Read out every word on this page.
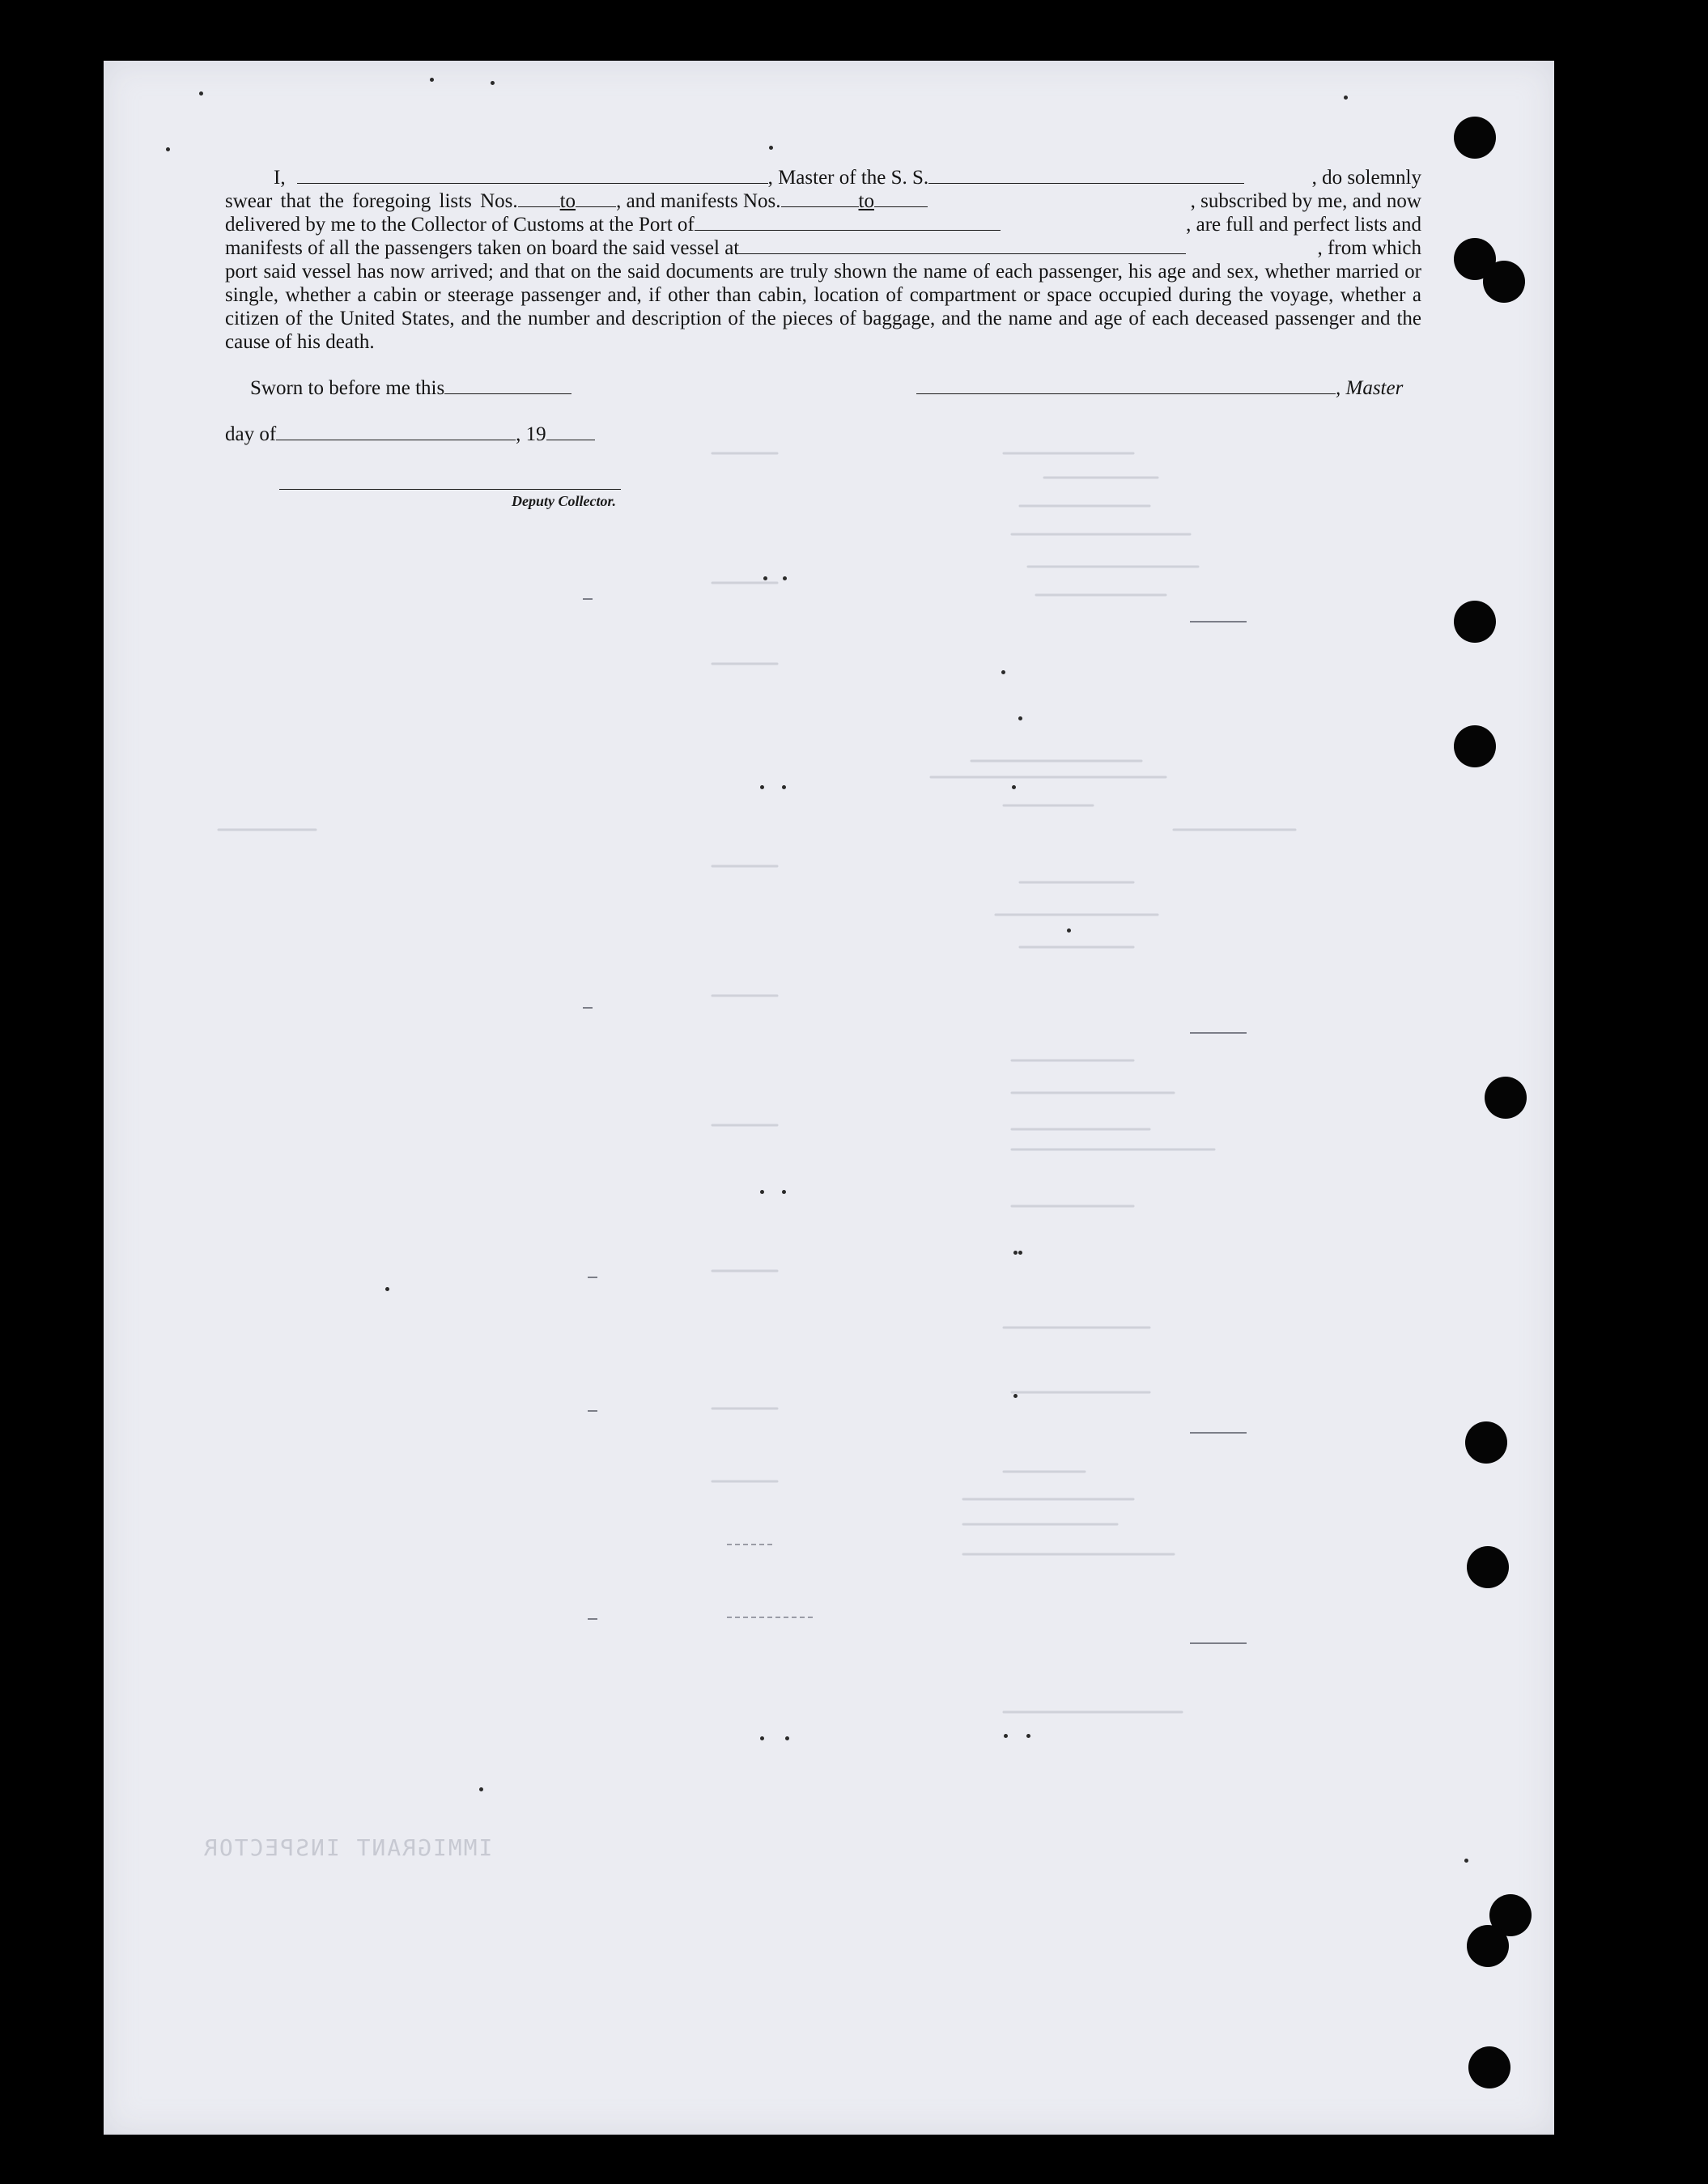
I,	, Master of the S. S.	, do solemnly
swear that the foregoing lists Nos. to , and manifests Nos.	to	, subscribed by me, and now
delivered by me to the Collector of Customs at the Port of	, are full and perfect lists and
manifests of all the passengers taken on board the said vessel at	, from which
port said vessel has now arrived; and that on the said documents are truly shown the name of each passenger, his age and sex, whether married or single, whether a cabin or steerage passenger and, if other than cabin, location of compartment or space occupied during the voyage, whether a citizen of the United States, and the number and description of the pieces of baggage, and the name and age of each deceased passenger and the cause of his death.
Sworn to before me this	, Master
day of	, 19
Deputy Collector.
IMMIGRANT INSPECTOR
